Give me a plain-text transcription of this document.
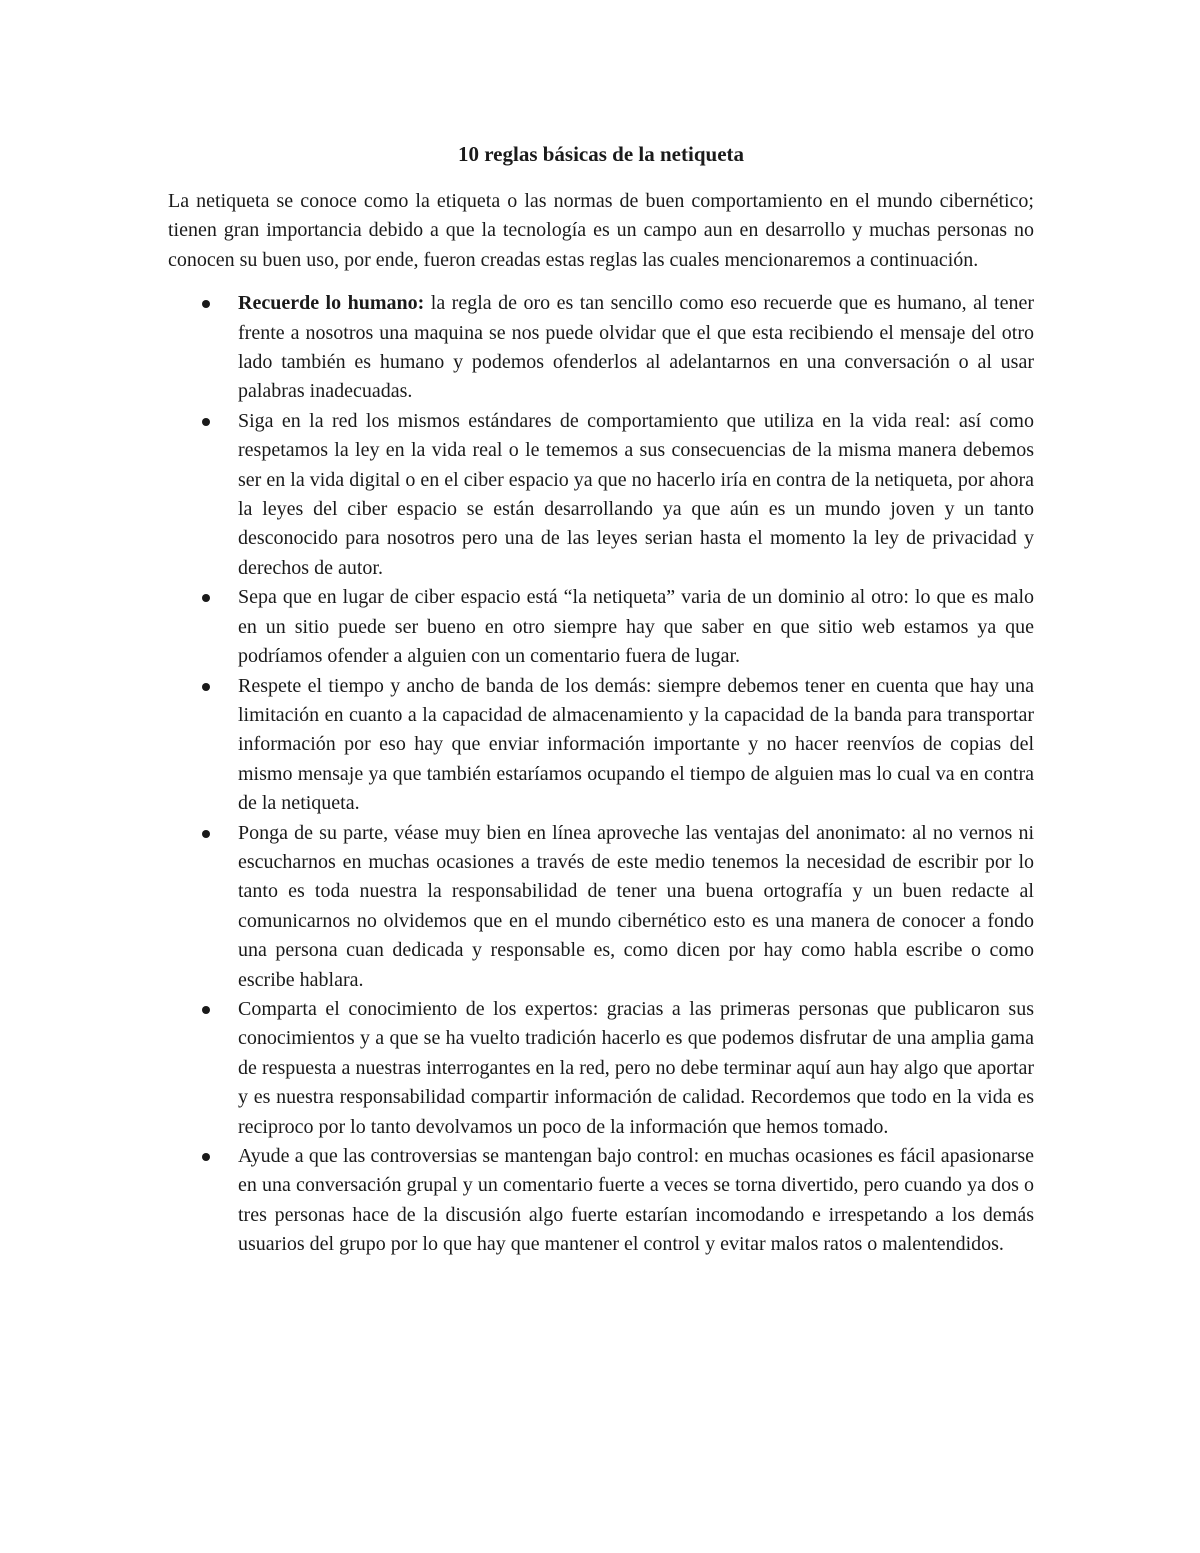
10 reglas básicas de la netiqueta

La netiqueta se conoce como la etiqueta o las normas de buen comportamiento en el mundo cibernético; tienen gran importancia debido a que la tecnología es un campo aun en desarrollo y muchas personas no conocen su buen uso, por ende, fueron creadas estas reglas las cuales mencionaremos a continuación.

Recuerde lo humano: la regla de oro es tan sencillo como eso recuerde que es humano, al tener frente a nosotros una maquina se nos puede olvidar que el que esta recibiendo el mensaje del otro lado también es humano y podemos ofenderlos al adelantarnos en una conversación o al usar palabras inadecuadas.
Siga en la red los mismos estándares de comportamiento que utiliza en la vida real: así como respetamos la ley en la vida real o le tememos a sus consecuencias de la misma manera debemos ser en la vida digital o en el ciber espacio ya que no hacerlo iría en contra de la netiqueta, por ahora la leyes del ciber espacio se están desarrollando ya que aún es un mundo joven y un tanto desconocido para nosotros pero una de las leyes serian hasta el momento la ley de privacidad y derechos de autor.
Sepa que en lugar de ciber espacio está “la netiqueta” varia de un dominio al otro: lo que es malo en un sitio puede ser bueno en otro siempre hay que saber en que sitio web estamos ya que podríamos ofender a alguien con un comentario fuera de lugar.
Respete el tiempo y ancho de banda de los demás: siempre debemos tener en cuenta que hay una limitación en cuanto a la capacidad de almacenamiento y la capacidad de la banda para transportar información por eso hay que enviar información importante y no hacer reenvíos de copias del mismo mensaje ya que también estaríamos ocupando el tiempo de alguien mas lo cual va en contra de la netiqueta.
Ponga de su parte, véase muy bien en línea aproveche las ventajas del anonimato: al no vernos ni escucharnos en muchas ocasiones a través de este medio tenemos la necesidad de escribir por lo tanto es toda nuestra la responsabilidad de tener una buena ortografía y un buen redacte al comunicarnos no olvidemos que en el mundo cibernético esto es una manera de conocer a fondo una persona cuan dedicada y responsable es, como dicen por hay como habla escribe o como escribe hablara.
Comparta el conocimiento de los expertos: gracias a las primeras personas que publicaron sus conocimientos y a que se ha vuelto tradición hacerlo es que podemos disfrutar de una amplia gama de respuesta a nuestras interrogantes en la red, pero no debe terminar aquí aun hay algo que aportar y es nuestra responsabilidad compartir información de calidad. Recordemos que todo en la vida es reciproco por lo tanto devolvamos un poco de la información que hemos tomado.
Ayude a que las controversias se mantengan bajo control: en muchas ocasiones es fácil apasionarse en una conversación grupal y un comentario fuerte a veces se torna divertido, pero cuando ya dos o tres personas hace de la discusión algo fuerte estarían incomodando e irrespetando a los demás usuarios del grupo por lo que hay que mantener el control y evitar malos ratos o malentendidos.
